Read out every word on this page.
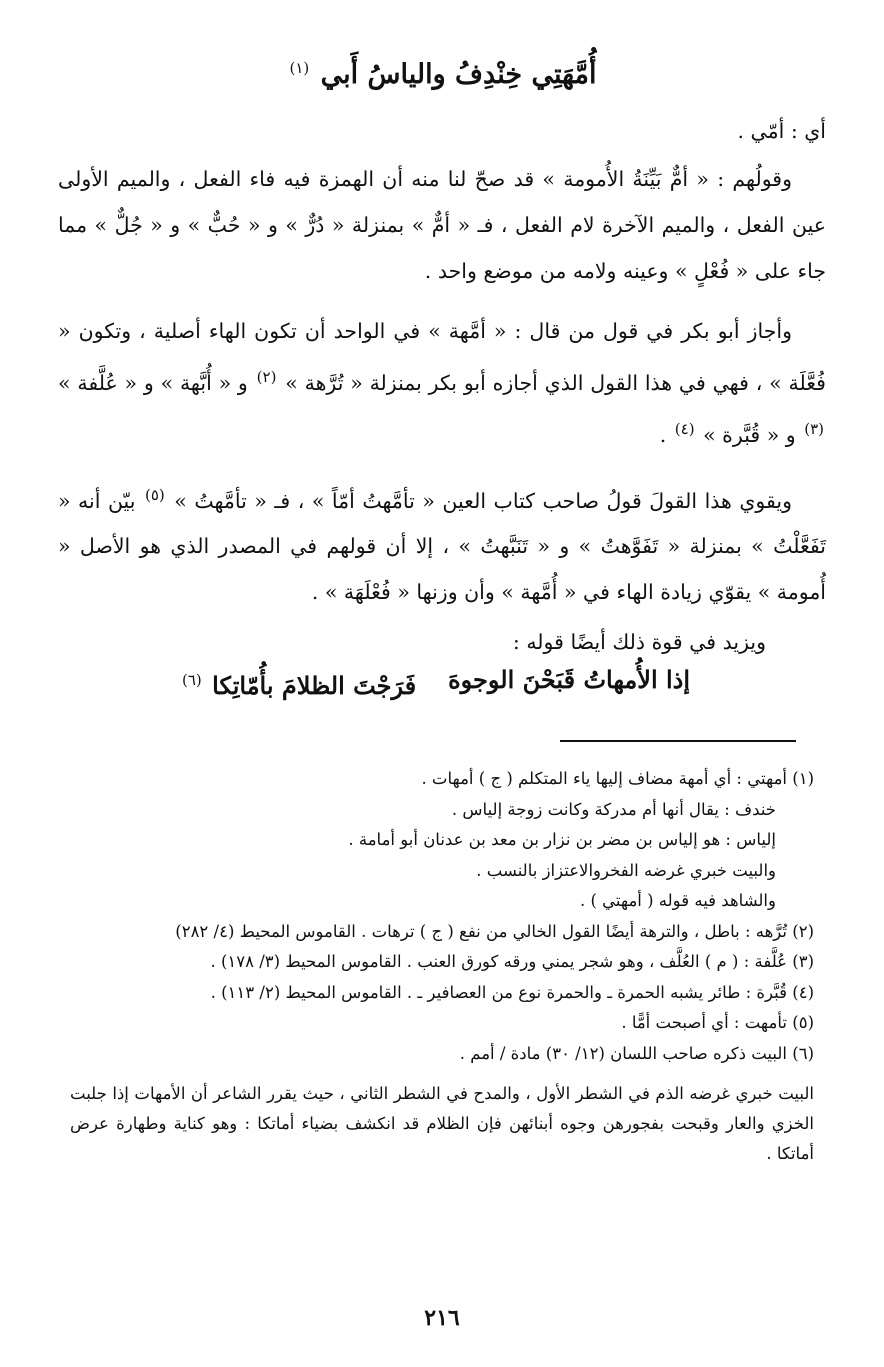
أُمَّهَتِي خِنْدِفُ والياسُ أَبي $^{(١)}$

أي : أمّي .

وقولُهم : « أمٌّ بَيِّنَةُ الأُمومة » قد صحّ لنا منه أن الهمزة فيه فاء الفعل ، والميم الأولى عين الفعل ، والميم الآخرة لام الفعل ، فـ « أمٌّ » بمنزلة « دُرٌّ » و « حُبٌّ » و « جُلٌّ » مما جاء على « فُعْلٍ » وعينه ولامه من موضع واحد .

وأجاز أبو بكر في قول من قال : « أمَّهة » في الواحد أن تكون الهاء أصلية ، وتكون « فُعَّلَة » ، فهي في هذا القول الذي أجازه أبو بكر بمنزلة « تُرَّهة » $^{(٢)}$ و « أُبَّهة » و « عُلَّفة » $^{(٣)}$ و « قُبَّرة » $^{(٤)}$ .

ويقوي هذا القولَ قولُ صاحب كتاب العين « تأمَّهتُ أمّاً » ، فـ « تأمَّهتُ » $^{(٥)}$ بيّن أنه « تَفَعَّلْتُ » بمنزلة « تَفَوَّهتُ » و « تَنَبَّهتُ » ، إلا أن قولهم في المصدر الذي هو الأصل « أُمومة » يقوّي زيادة الهاء في « أُمَّهة » وأن وزنها « فُعْلَهَة » .

ويزيد في قوة ذلك أيضًا قوله :

إذا الأُمهاتُ قَبَحْنَ الوجوهَ
فَرَجْتَ الظلامَ بأُمّاتِكا $^{(٦)}$
(١) أمهتي : أي أمهة مضاف إليها ياء المتكلم ( ج ) أمهات .
خندف : يقال أنها أم مدركة وكانت زوجة إلياس .
إلياس : هو إلياس بن مضر بن نزار بن معد بن عدنان أبو أمامة .
والبيت خبري غرضه الفخروالاعتزاز بالنسب .
والشاهد فيه قوله ( أمهتي ) .
(٢) تُرَّهه : باطل ، والترهة أيضًا القول الخالي من نفع ( ج ) ترهات . القاموس المحيط (٤/ ٢٨٢)
(٣) عُلَّفة : ( م ) العُلَّف ، وهو شجر يمني ورقه كورق العنب . القاموس المحيط (٣/ ١٧٨) .
(٤) قُبَّرة : طائر يشبه الحمرة ـ والحمرة نوع من العصافير ـ . القاموس المحيط (٢/ ١١٣) .
(٥) تأمهت : أي أصبحت أمًّا .
(٦) البيت ذكره صاحب اللسان (١٢/ ٣٠) مادة / أمم .

البيت خبري غرضه الذم في الشطر الأول ، والمدح في الشطر الثاني ، حيث يقرر الشاعر أن الأمهات إذا جلبت الخزي والعار وقبحت بفجورهن وجوه أبنائهن فإن الظلام قد انكشف بضياء أماتكا : وهو كناية وطهارة عرض أماتكا .

٢١٦
